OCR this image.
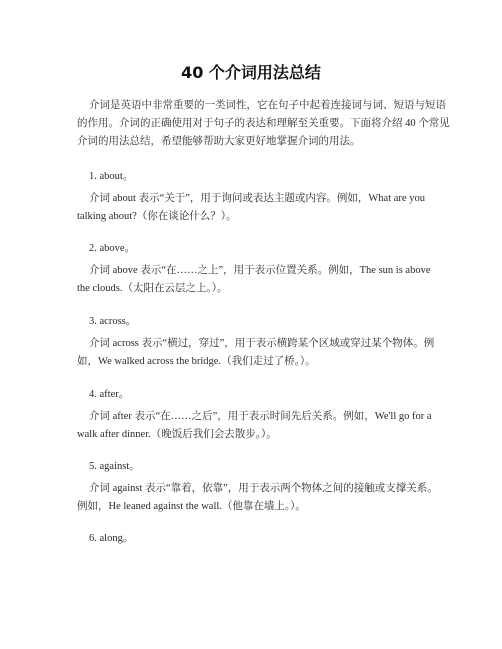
40 个介词用法总结

介词是英语中非常重要的一类词性，它在句子中起着连接词与词、短语与短语
的作用。介词的正确使用对于句子的表达和理解至关重要。下面将介绍 40 个常见
介词的用法总结，希望能够帮助大家更好地掌握介词的用法。

1. about。

介词 about 表示“关于”，用于询问或表达主题或内容。例如，What are you
talking about?（你在谈论什么？）。

2. above。

介词 above 表示“在……之上”，用于表示位置关系。例如，The sun is above
the clouds.（太阳在云层之上。）。

3. across。

介词 across 表示“横过，穿过”，用于表示横跨某个区域或穿过某个物体。例
如，We walked across the bridge.（我们走过了桥。）。

4. after。

介词 after 表示“在……之后”，用于表示时间先后关系。例如，We'll go for a
walk after dinner.（晚饭后我们会去散步。）。

5. against。

介词 against 表示“靠着，依靠”，用于表示两个物体之间的接触或支撑关系。
例如，He leaned against the wall.（他靠在墙上。）。

6. along。
